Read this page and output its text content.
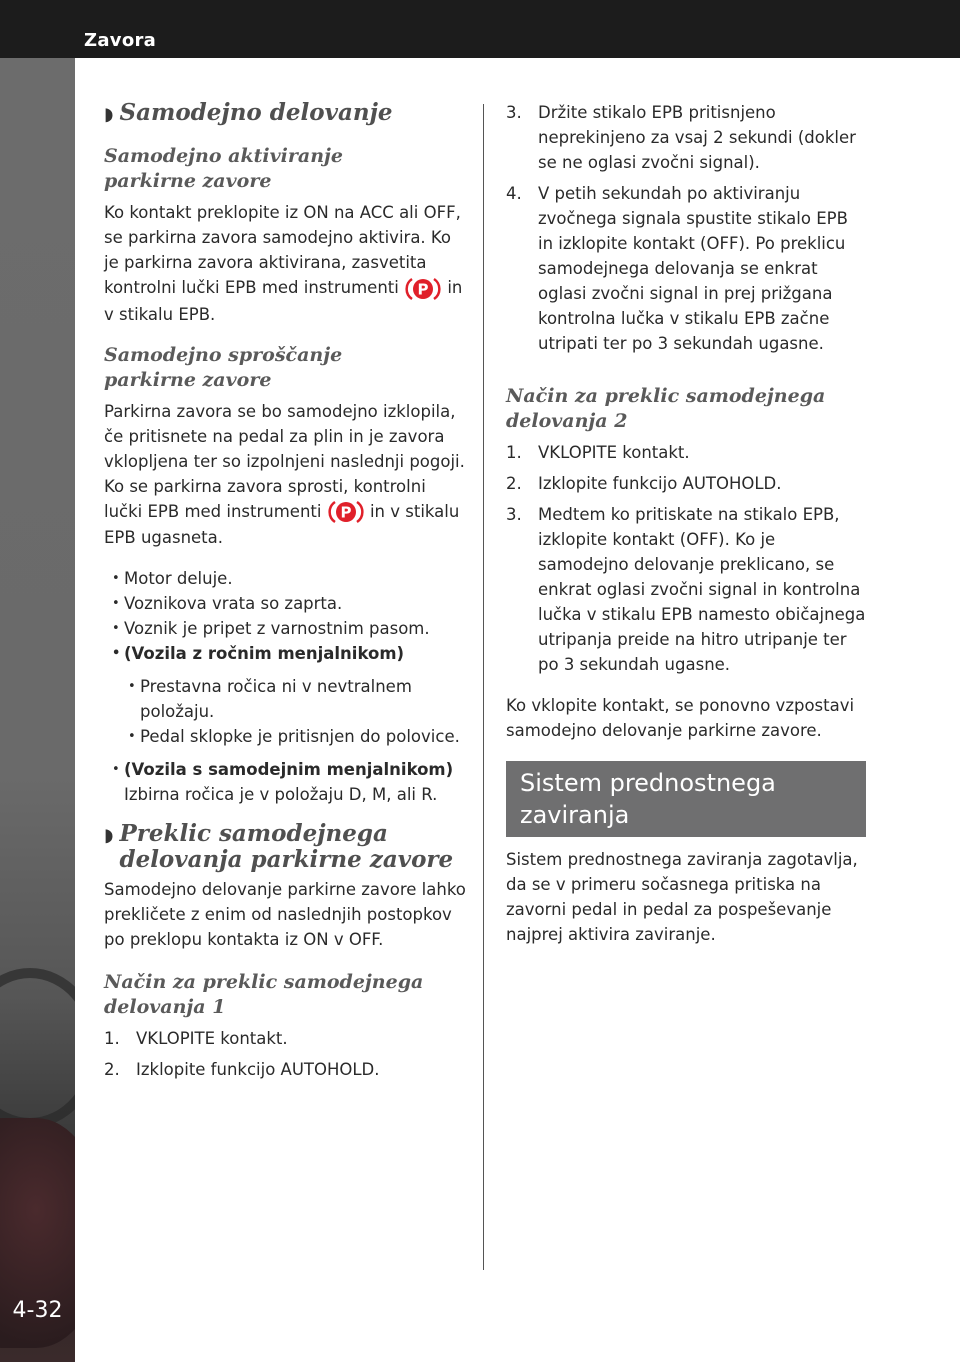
Zavora
4-32
◗ Samodejno delovanje
Samodejno aktiviranje parkirne zavore

Ko kontakt preklopite iz ON na ACC ali OFF, se parkirna zavora samodejno aktivira. Ko je parkirna zavora aktivirana, zasvetita kontrolni lučki EPB med instrumenti P in v stikalu EPB.

Samodejno sproščanje parkirne zavore

Parkirna zavora se bo samodejno izklopila, če pritisnete na pedal za plin in je zavora vklopljena ter so izpolnjeni naslednji pogoji. Ko se parkirna zavora sprosti, kontrolni lučki EPB med instrumenti P in v stikalu EPB ugasneta.

• Motor deluje.
• Voznikova vrata so zaprta.
• Voznik je pripet z varnostnim pasom.
• (Vozila z ročnim menjalnikom)
• Prestavna ročica ni v nevtralnem položaju.
• Pedal sklopke je pritisnjen do polovice.
• (Vozila s samodejnim menjalnikom)
Izbirna ročica je v položaju D, M, ali R.
◗ Preklic samodejnega delovanja parkirne zavore

Samodejno delovanje parkirne zavore lahko prekličete z enim od naslednjih postopkov po preklopu kontakta iz ON v OFF.

Način za preklic samodejnega delovanja 1
1. VKLOPITE kontakt.
2. Izklopite funkcijo AUTOHOLD.
3. Držite stikalo EPB pritisnjeno neprekinjeno za vsaj 2 sekundi (dokler se ne oglasi zvočni signal).
4. V petih sekundah po aktiviranju zvočnega signala spustite stikalo EPB in izklopite kontakt (OFF). Po preklicu samodejnega delovanja se enkrat oglasi zvočni signal in prej prižgana kontrolna lučka v stikalu EPB začne utripati ter po 3 sekundah ugasne.
Način za preklic samodejnega delovanja 2
1. VKLOPITE kontakt.
2. Izklopite funkcijo AUTOHOLD.
3. Medtem ko pritiskate na stikalo EPB, izklopite kontakt (OFF). Ko je samodejno delovanje preklicano, se enkrat oglasi zvočni signal in kontrolna lučka v stikalu EPB namesto običajnega utripanja preide na hitro utripanje ter po 3 sekundah ugasne.

Ko vklopite kontakt, se ponovno vzpostavi samodejno delovanje parkirne zavore.

Sistem prednostnega zaviranja

Sistem prednostnega zaviranja zagotavlja, da se v primeru sočasnega pritiska na zavorni pedal in pedal za pospeševanje najprej aktivira zaviranje.
